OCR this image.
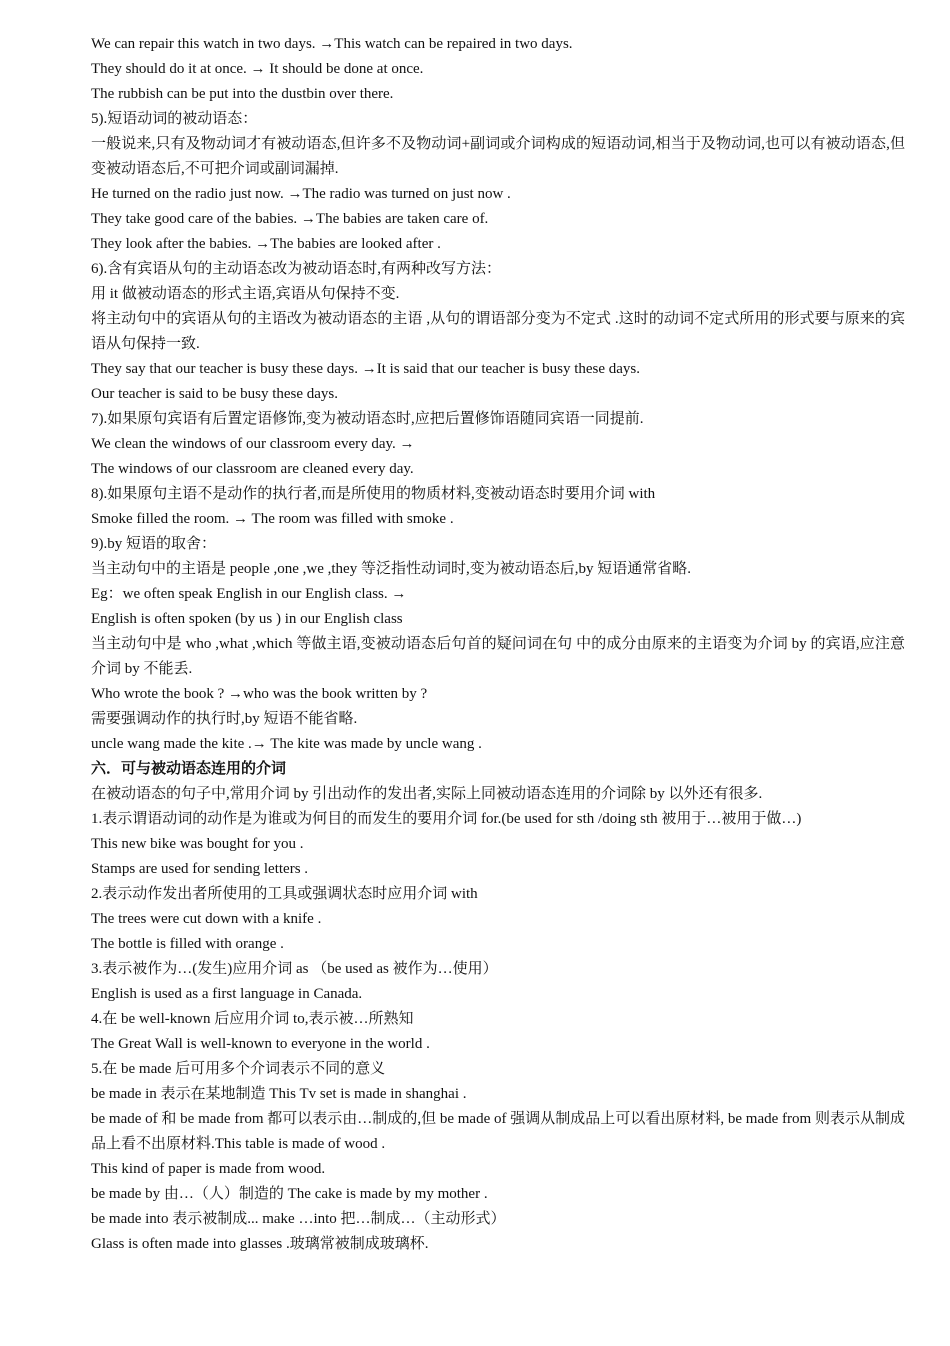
We can repair this watch in two days. →This watch can be repaired in two days.

They should do it at once. → It should be done at once.

The rubbish can be put into the dustbin over there.

5).短语动词的被动语态：

一般说来,只有及物动词才有被动语态,但许多不及物动词+副词或介词构成的短语动词,相当于及物动词,也可以有被动语态,但变被动语态后,不可把介词或副词漏掉.

He turned on the radio just now. →The radio was turned on just now .

They take good care of the babies. →The babies are taken care of.

They look after the babies. →The babies are looked after .

6).含有宾语从句的主动语态改为被动语态时,有两种改写方法：

用 it 做被动语态的形式主语,宾语从句保持不变.

将主动句中的宾语从句的主语改为被动语态的主语 ,从句的谓语部分变为不定式 .这时的动词不定式所用的形式要与原来的宾语从句保持一致.

They say that our teacher is busy these days. →It is said that our teacher is busy these days.

Our teacher is said to be busy these days.

7).如果原句宾语有后置定语修饰,变为被动语态时,应把后置修饰语随同宾语一同提前.

We clean the windows of our classroom every day. →

The windows of our classroom are cleaned every day.

8).如果原句主语不是动作的执行者,而是所使用的物质材料,变被动语态时要用介词 with

Smoke filled the room. → The room was filled with smoke .

9).by 短语的取舍：

当主动句中的主语是 people ,one ,we ,they 等泛指性动词时,变为被动语态后,by 短语通常省略.

Eg：we often speak English in our English class. →

English is often spoken (by us ) in our English class

当主动句中是 who ,what ,which 等做主语,变被动语态后句首的疑问词在句 中的成分由原来的主语变为介词 by 的宾语,应注意介词 by 不能丢.

Who wrote the book ? →who was the book written by ?

需要强调动作的执行时,by 短语不能省略.

uncle wang made the kite .→ The kite was made by uncle wang .

六．可与被动语态连用的介词

在被动语态的句子中,常用介词 by 引出动作的发出者,实际上同被动语态连用的介词除 by 以外还有很多.

1.表示谓语动词的动作是为谁或为何目的而发生的要用介词 for.(be used for sth /doing sth 被用于…被用于做…)

This new bike was bought for you .

Stamps are used for sending letters .

2.表示动作发出者所使用的工具或强调状态时应用介词 with

The trees were cut down with a knife .

The bottle is filled with orange .

3.表示被作为…(发生)应用介词 as （be used as 被作为…使用）

English is used as a first language in Canada.

4.在 be well-known 后应用介词 to,表示被…所熟知

The Great Wall is well-known to everyone in the world .

5.在 be made 后可用多个介词表示不同的意义

be made in 表示在某地制造 This Tv set is made in shanghai .

be made of 和 be made from 都可以表示由…制成的,但 be made of 强调从制成品上可以看出原材料, be made from 则表示从制成品上看不出原材料.This table is made of wood .

This kind of paper is made from wood.

be made by 由…（人）制造的 The cake is made by my mother .

be made into 表示被制成... make …into 把…制成…（主动形式）

Glass is often made into glasses .玻璃常被制成玻璃杯.
